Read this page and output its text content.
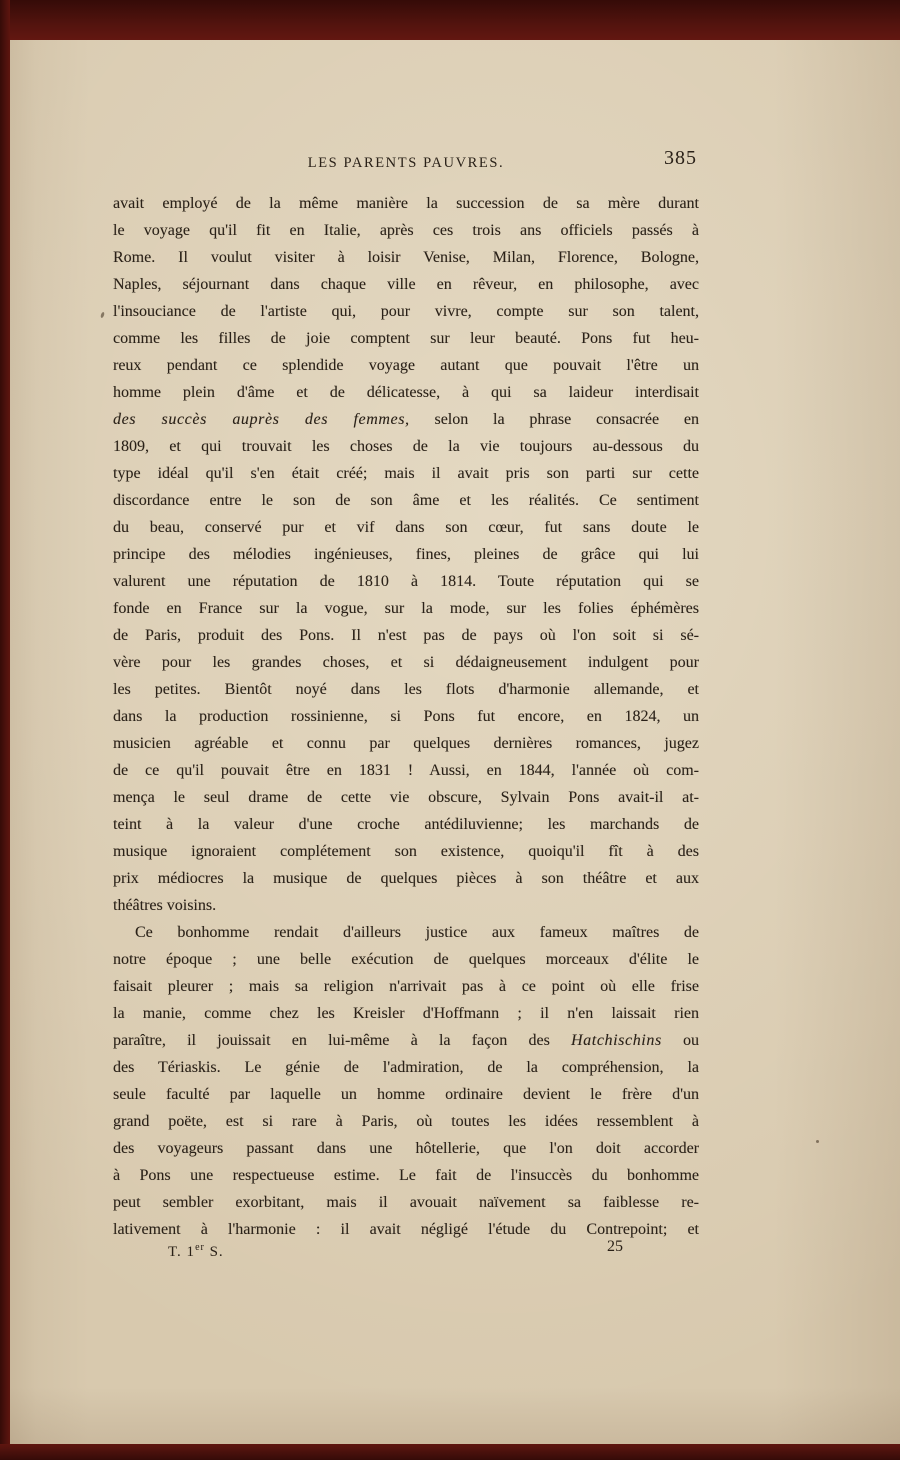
LES PARENTS PAUVRES.	385
avait employé de la même manière la succession de sa mère durant
le voyage qu'il fit en Italie, après ces trois ans officiels passés à
Rome. Il voulut visiter à loisir Venise, Milan, Florence, Bologne,
Naples, séjournant dans chaque ville en rêveur, en philosophe, avec
l'insouciance de l'artiste qui, pour vivre, compte sur son talent,
comme les filles de joie comptent sur leur beauté. Pons fut heu-
reux pendant ce splendide voyage autant que pouvait l'être un
homme plein d'âme et de délicatesse, à qui sa laideur interdisait
des succès auprès des femmes, selon la phrase consacrée en
1809, et qui trouvait les choses de la vie toujours au-dessous du
type idéal qu'il s'en était créé; mais il avait pris son parti sur cette
discordance entre le son de son âme et les réalités. Ce sentiment
du beau, conservé pur et vif dans son cœur, fut sans doute le
principe des mélodies ingénieuses, fines, pleines de grâce qui lui
valurent une réputation de 1810 à 1814. Toute réputation qui se
fonde en France sur la vogue, sur la mode, sur les folies éphémères
de Paris, produit des Pons. Il n'est pas de pays où l'on soit si sé-
vère pour les grandes choses, et si dédaigneusement indulgent pour
les petites. Bientôt noyé dans les flots d'harmonie allemande, et
dans la production rossinienne, si Pons fut encore, en 1824, un
musicien agréable et connu par quelques dernières romances, jugez
de ce qu'il pouvait être en 1831 ! Aussi, en 1844, l'année où com-
mença le seul drame de cette vie obscure, Sylvain Pons avait-il at-
teint à la valeur d'une croche antédiluvienne; les marchands de
musique ignoraient complétement son existence, quoiqu'il fît à des
prix médiocres la musique de quelques pièces à son théâtre et aux
théâtres voisins.
Ce bonhomme rendait d'ailleurs justice aux fameux maîtres de
notre époque ; une belle exécution de quelques morceaux d'élite le
faisait pleurer ; mais sa religion n'arrivait pas à ce point où elle frise
la manie, comme chez les Kreisler d'Hoffmann ; il n'en laissait rien
paraître, il jouissait en lui-même à la façon des Hatchischins ou
des Tériaskis. Le génie de l'admiration, de la compréhension, la
seule faculté par laquelle un homme ordinaire devient le frère d'un
grand poëte, est si rare à Paris, où toutes les idées ressemblent à
des voyageurs passant dans une hôtellerie, que l'on doit accorder
à Pons une respectueuse estime. Le fait de l'insuccès du bonhomme
peut sembler exorbitant, mais il avouait naïvement sa faiblesse re-
lativement à l'harmonie : il avait négligé l'étude du Contrepoint; et
T. 1er S.	25
